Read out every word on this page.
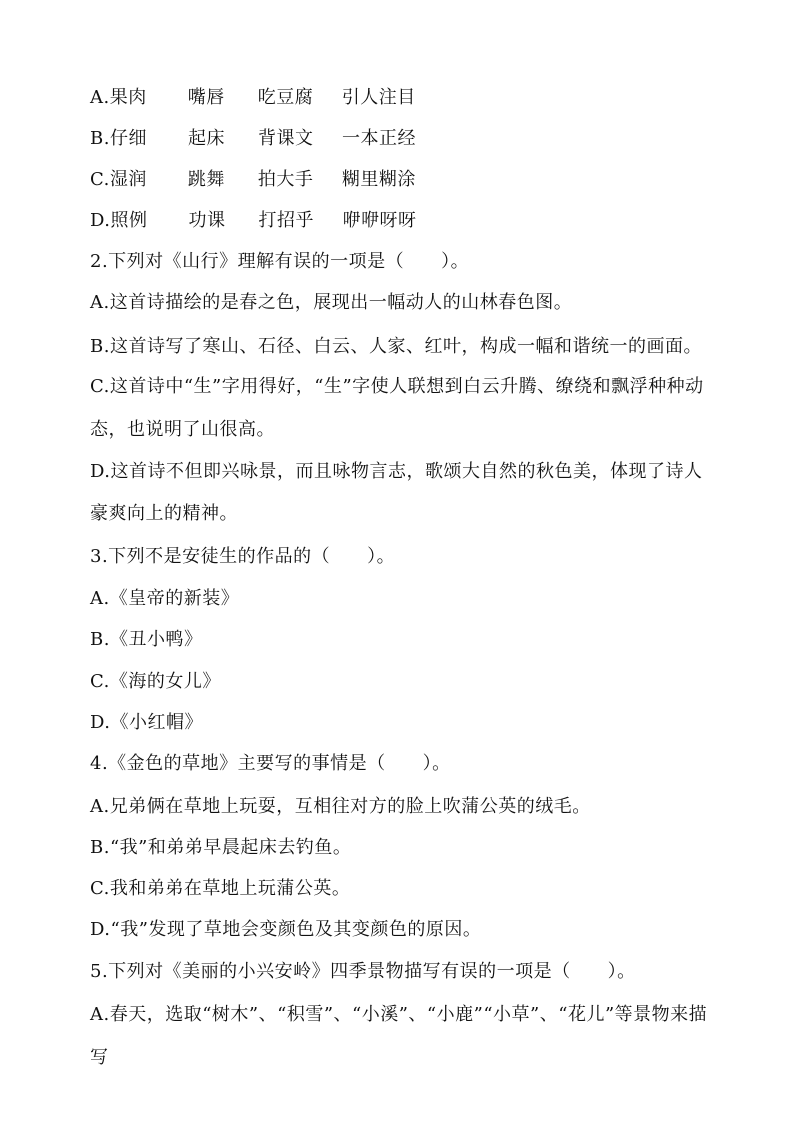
A.果肉 嘴唇 吃豆腐 引人注目
B.仔细 起床 背课文 一本正经
C.湿润 跳舞 拍大手 糊里糊涂
D.照例 功课 打招乎 咿咿呀呀
2.下列对《山行》理解有误的一项是（　　）。
A.这首诗描绘的是春之色，展现出一幅动人的山林春色图。
B.这首诗写了寒山、石径、白云、人家、红叶，构成一幅和谐统一的画面。
C.这首诗中“生”字用得好，“生”字使人联想到白云升腾、缭绕和飘浮种种动
态，也说明了山很高。
D.这首诗不但即兴咏景，而且咏物言志，歌颂大自然的秋色美，体现了诗人
豪爽向上的精神。
3.下列不是安徒生的作品的（　　）。
A.《皇帝的新装》
B.《丑小鸭》
C.《海的女儿》
D.《小红帽》
4.《金色的草地》主要写的事情是（　　）。
A.兄弟俩在草地上玩耍，互相往对方的脸上吹蒲公英的绒毛。
B.“我”和弟弟早晨起床去钓鱼。
C.我和弟弟在草地上玩蒲公英。
D.“我”发现了草地会变颜色及其变颜色的原因。
5.下列对《美丽的小兴安岭》四季景物描写有误的一项是（　　）。
A.春天，选取“树木”、“积雪”、“小溪”、“小鹿”“小草”、“花儿”等景物来描
写
